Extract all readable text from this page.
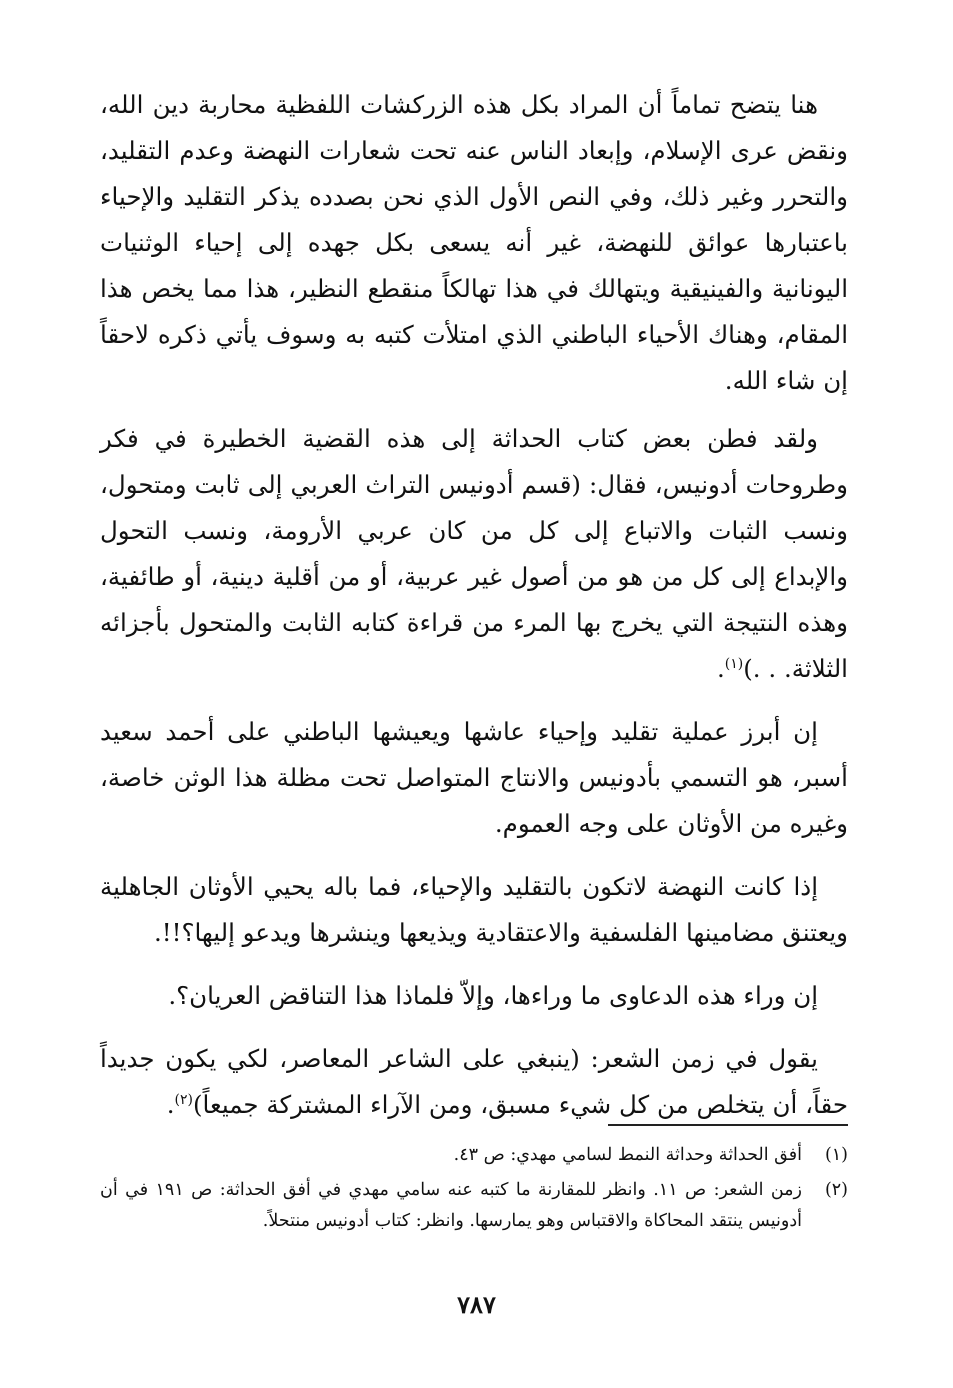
هنا يتضح تماماً أن المراد بكل هذه الزركشات اللفظية محاربة دين الله، ونقض عرى الإسلام، وإبعاد الناس عنه تحت شعارات النهضة وعدم التقليد، والتحرر وغير ذلك، وفي النص الأول الذي نحن بصدده يذكر التقليد والإحياء باعتبارها عوائق للنهضة، غير أنه يسعى بكل جهده إلى إحياء الوثنيات اليونانية والفينيقية ويتهالك في هذا تهالكاً منقطع النظير، هذا مما يخص هذا المقام، وهناك الأحياء الباطني الذي امتلأت كتبه به وسوف يأتي ذكره لاحقاً إن شاء الله.

ولقد فطن بعض كتاب الحداثة إلى هذه القضية الخطيرة في فكر وطروحات أدونيس، فقال: (قسم أدونيس التراث العربي إلى ثابت ومتحول، ونسب الثبات والاتباع إلى كل من كان عربي الأرومة، ونسب التحول والإبداع إلى كل من هو من أصول غير عربية، أو من أقلية دينية، أو طائفية، وهذه النتيجة التي يخرج بها المرء من قراءة كتابه الثابت والمتحول بأجزائه الثلاثة. . .)$^{(١)}$.

إن أبرز عملية تقليد وإحياء عاشها ويعيشها الباطني على أحمد سعيد أسبر، هو التسمي بأدونيس والانتاج المتواصل تحت مظلة هذا الوثن خاصة، وغيره من الأوثان على وجه العموم.

إذا كانت النهضة لاتكون بالتقليد والإحياء، فما باله يحيي الأوثان الجاهلية ويعتنق مضامينها الفلسفية والاعتقادية ويذيعها وينشرها ويدعو إليها؟!!.

إن وراء هذه الدعاوى ما وراءها، وإلاّ فلماذا هذا التناقض العريان؟.

يقول في زمن الشعر: (ينبغي على الشاعر المعاصر، لكي يكون جديداً حقاً، أن يتخلص من كل شيء مسبق، ومن الآراء المشتركة جميعاً)$^{(٢)}$.

(١)
أفق الحداثة وحداثة النمط لسامي مهدي: ص ٤٣.
(٢)
زمن الشعر: ص ١١. وانظر للمقارنة ما كتبه عنه سامي مهدي في أفق الحداثة: ص ١٩١ في أن أدونيس ينتقد المحاكاة والاقتباس وهو يمارسها. وانظر: كتاب أدونيس منتحلاً.
٧٨٧
